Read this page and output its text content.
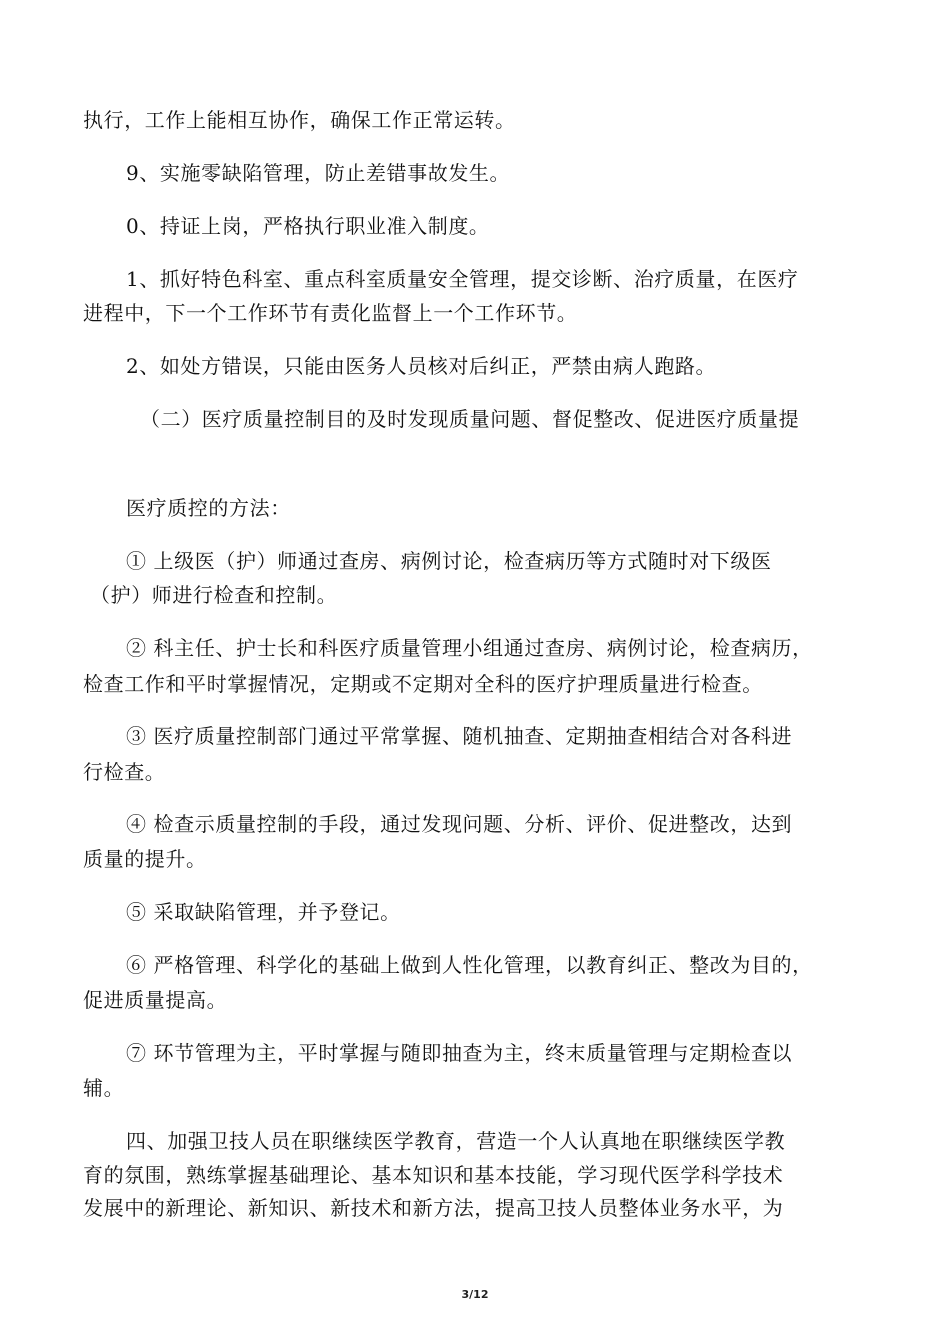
执行，工作上能相互协作，确保工作正常运转。
9、实施零缺陷管理，防止差错事故发生。
0、持证上岗，严格执行职业准入制度。
1、抓好特色科室、重点科室质量安全管理，提交诊断、治疗质量，在医疗
进程中，下一个工作环节有责化监督上一个工作环节。
2、如处方错误，只能由医务人员核对后纠正，严禁由病人跑路。
（二）医疗质量控制目的及时发现质量问题、督促整改、促进医疗质量提
医疗质控的方法：
① 上级医（护）师通过查房、病例讨论，检查病历等方式随时对下级医
（护）师进行检查和控制。
② 科主任、护士长和科医疗质量管理小组通过查房、病例讨论，检查病历，
检查工作和平时掌握情况，定期或不定期对全科的医疗护理质量进行检查。
③ 医疗质量控制部门通过平常掌握、随机抽查、定期抽查相结合对各科进
行检查。
④ 检查示质量控制的手段，通过发现问题、分析、评价、促进整改，达到
质量的提升。
⑤ 采取缺陷管理，并予登记。
⑥ 严格管理、科学化的基础上做到人性化管理，以教育纠正、整改为目的，
促进质量提高。
⑦ 环节管理为主，平时掌握与随即抽查为主，终末质量管理与定期检查以
辅。
四、加强卫技人员在职继续医学教育，营造一个人认真地在职继续医学教
育的氛围，熟练掌握基础理论、基本知识和基本技能，学习现代医学科学技术
发展中的新理论、新知识、新技术和新方法，提高卫技人员整体业务水平，为
3/12
